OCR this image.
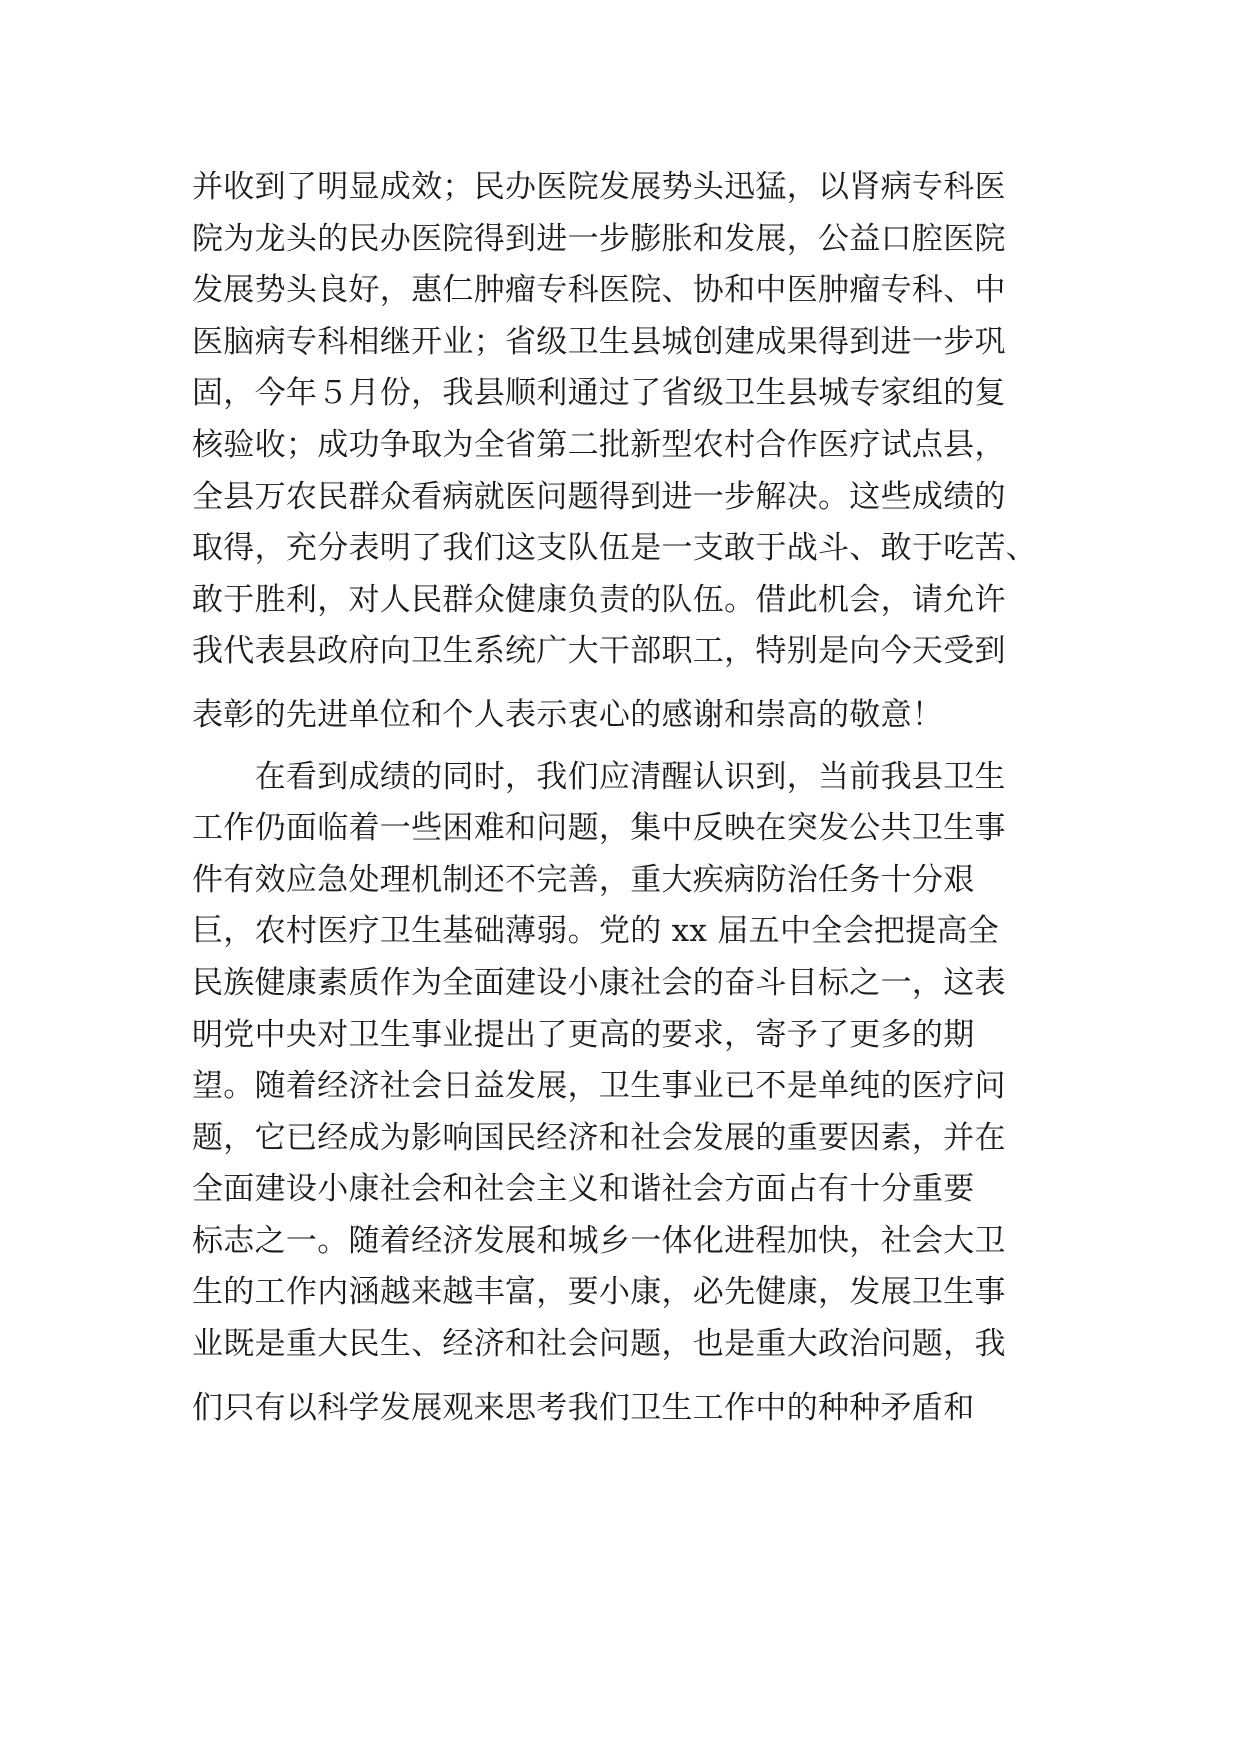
并收到了明显成效；民办医院发展势头迅猛，以肾病专科医
院为龙头的民办医院得到进一步膨胀和发展，公益口腔医院
发展势头良好，惠仁肿瘤专科医院、协和中医肿瘤专科、中
医脑病专科相继开业；省级卫生县城创建成果得到进一步巩
固，今年５月份，我县顺利通过了省级卫生县城专家组的复
核验收；成功争取为全省第二批新型农村合作医疗试点县，
全县万农民群众看病就医问题得到进一步解决。这些成绩的
取得，充分表明了我们这支队伍是一支敢于战斗、敢于吃苦、
敢于胜利，对人民群众健康负责的队伍。借此机会，请允许
我代表县政府向卫生系统广大干部职工，特别是向今天受到
表彰的先进单位和个人表示衷心的感谢和崇高的敬意！
　　在看到成绩的同时，我们应清醒认识到，当前我县卫生
工作仍面临着一些困难和问题，集中反映在突发公共卫生事
件有效应急处理机制还不完善，重大疾病防治任务十分艰
巨，农村医疗卫生基础薄弱。党的 xx 届五中全会把提高全
民族健康素质作为全面建设小康社会的奋斗目标之一，这表
明党中央对卫生事业提出了更高的要求，寄予了更多的期
望。随着经济社会日益发展，卫生事业已不是单纯的医疗问
题，它已经成为影响国民经济和社会发展的重要因素，并在
全面建设小康社会和社会主义和谐社会方面占有十分重要
标志之一。随着经济发展和城乡一体化进程加快，社会大卫
生的工作内涵越来越丰富，要小康，必先健康，发展卫生事
业既是重大民生、经济和社会问题，也是重大政治问题，我
们只有以科学发展观来思考我们卫生工作中的种种矛盾和
